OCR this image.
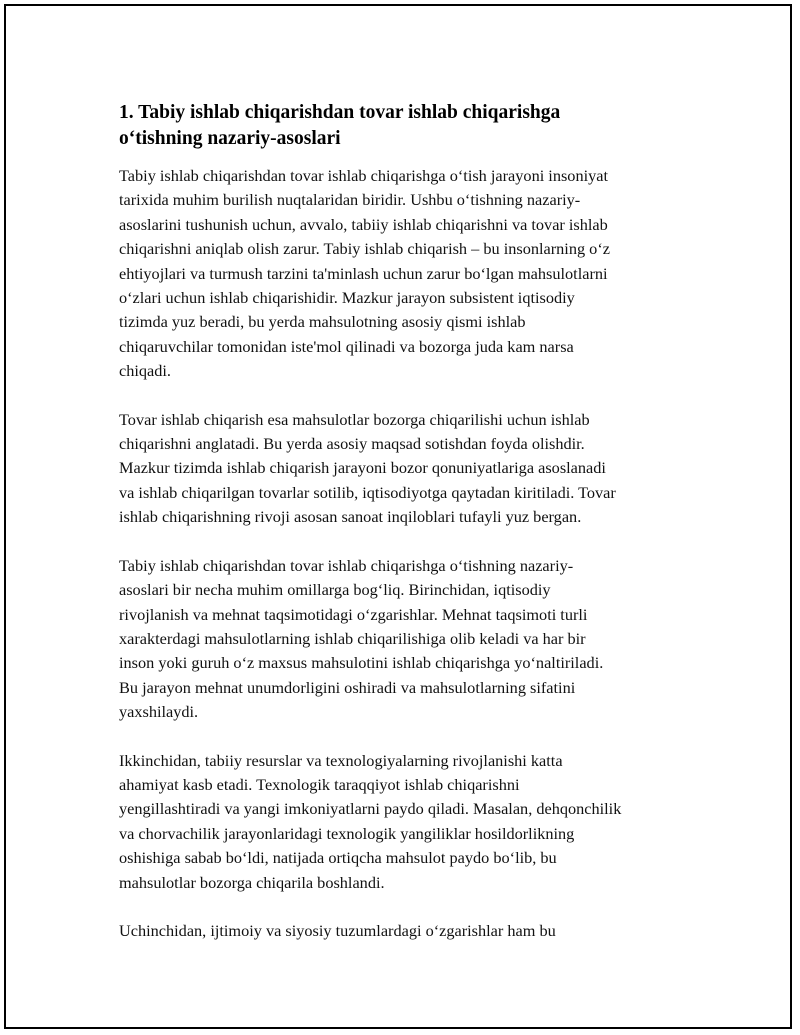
1. Tabiy ishlab chiqarishdan tovar ishlab chiqarishga
o‘tishning nazariy-asoslari

Tabiy ishlab chiqarishdan tovar ishlab chiqarishga o‘tish jarayoni insoniyat
tarixida muhim burilish nuqtalaridan biridir. Ushbu o‘tishning nazariy-
asoslarini tushunish uchun, avvalo, tabiiy ishlab chiqarishni va tovar ishlab
chiqarishni aniqlab olish zarur. Tabiy ishlab chiqarish – bu insonlarning o‘z
ehtiyojlari va turmush tarzini ta'minlash uchun zarur bo‘lgan mahsulotlarni
o‘zlari uchun ishlab chiqarishidir. Mazkur jarayon subsistent iqtisodiy
tizimda yuz beradi, bu yerda mahsulotning asosiy qismi ishlab
chiqaruvchilar tomonidan iste'mol qilinadi va bozorga juda kam narsa
chiqadi.

Tovar ishlab chiqarish esa mahsulotlar bozorga chiqarilishi uchun ishlab
chiqarishni anglatadi. Bu yerda asosiy maqsad sotishdan foyda olishdir.
Mazkur tizimda ishlab chiqarish jarayoni bozor qonuniyatlariga asoslanadi
va ishlab chiqarilgan tovarlar sotilib, iqtisodiyotga qaytadan kiritiladi. Tovar
ishlab chiqarishning rivoji asosan sanoat inqiloblari tufayli yuz bergan.

Tabiy ishlab chiqarishdan tovar ishlab chiqarishga o‘tishning nazariy-
asoslari bir necha muhim omillarga bog‘liq. Birinchidan, iqtisodiy
rivojlanish va mehnat taqsimotidagi o‘zgarishlar. Mehnat taqsimoti turli
xarakterdagi mahsulotlarning ishlab chiqarilishiga olib keladi va har bir
inson yoki guruh o‘z maxsus mahsulotini ishlab chiqarishga yo‘naltiriladi.
Bu jarayon mehnat unumdorligini oshiradi va mahsulotlarning sifatini
yaxshilaydi.

Ikkinchidan, tabiiy resurslar va texnologiyalarning rivojlanishi katta
ahamiyat kasb etadi. Texnologik taraqqiyot ishlab chiqarishni
yengillashtiradi va yangi imkoniyatlarni paydo qiladi. Masalan, dehqonchilik
va chorvachilik jarayonlaridagi texnologik yangiliklar hosildorlikning
oshishiga sabab bo‘ldi, natijada ortiqcha mahsulot paydo bo‘lib, bu
mahsulotlar bozorga chiqarila boshlandi.

Uchinchidan, ijtimoiy va siyosiy tuzumlardagi o‘zgarishlar ham bu
